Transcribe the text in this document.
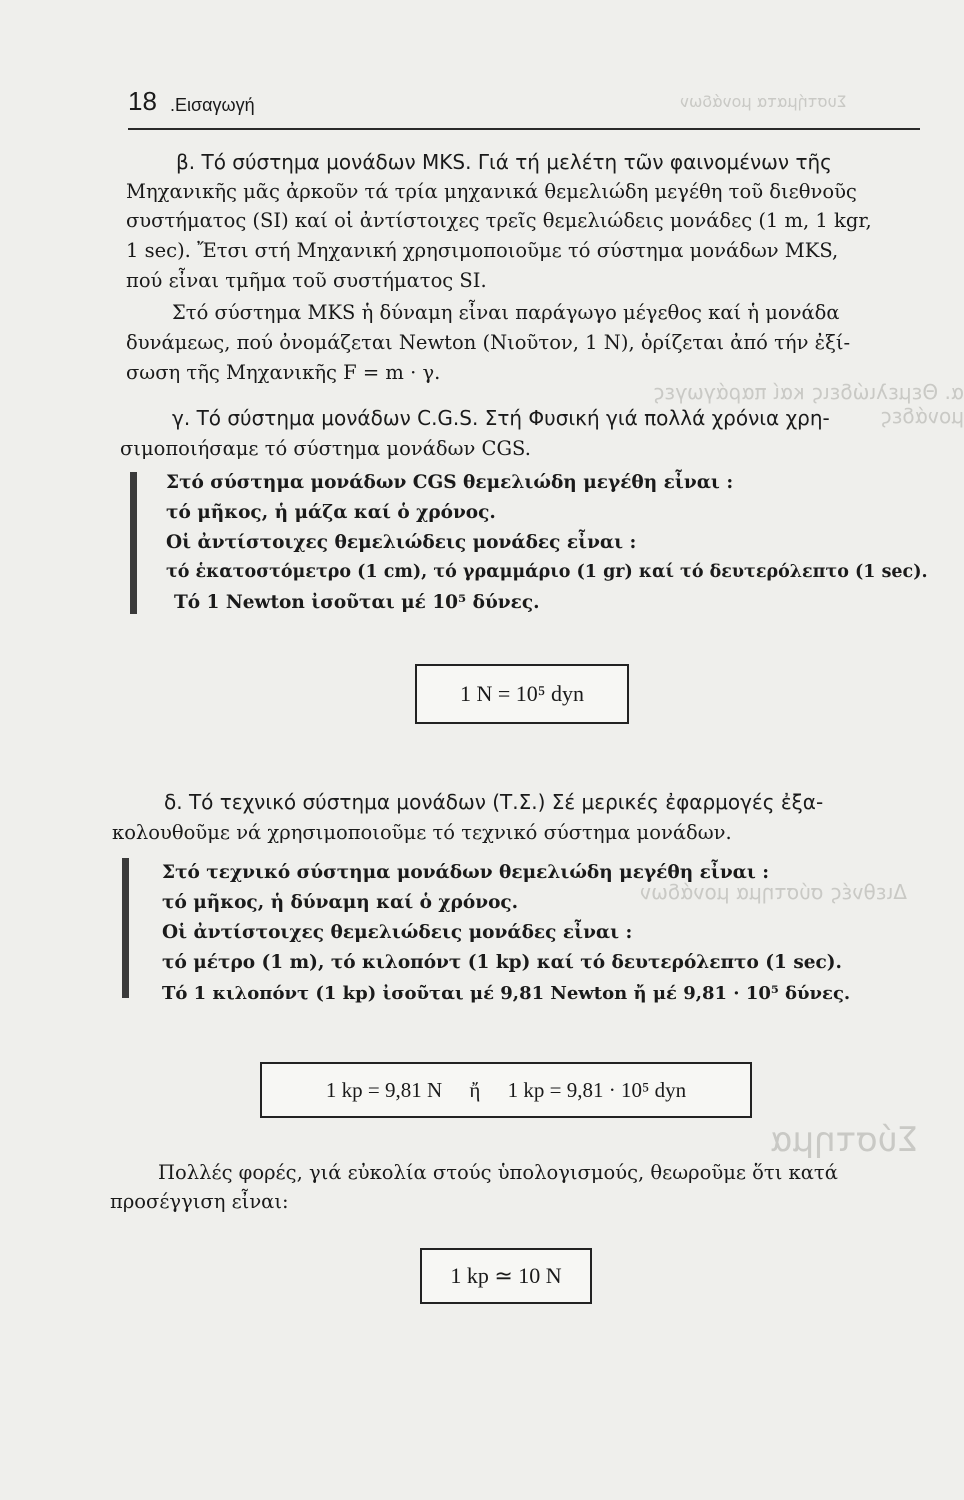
Συστήματα μονάδων
α. Θεμελιώδεις καί παράγωγες μονάδες
Διεθνές σύστημα μονάδων
Σύστημα
18 .Εισαγωγή
β. Τό σύστημα μονάδων MKS. Γιά τή μελέτη τῶν φαινομένων τῆς
Μηχανικῆς μᾶς ἀρκοῦν τά τρία μηχανικά θεμελιώδη μεγέθη τοῦ διεθνοῦς
συστήματος (SI) καί οἱ ἀντίστοιχες τρεῖς θεμελιώδεις μονάδες (1 m, 1 kgr,
1 sec). Ἔτσι στή Μηχανική χρησιμοποιοῦμε τό σύστημα μονάδων MKS,
πού εἶναι τμῆμα τοῦ συστήματος SI.
Στό σύστημα MKS ἡ δύναμη εἶναι παράγωγο μέγεθος καί ἡ μονάδα
δυνάμεως, πού ὀνομάζεται Newton (Νιοῦτον, 1 N), ὁρίζεται ἀπό τήν ἐξί-
σωση τῆς Μηχανικῆς F = m · γ.
γ. Τό σύστημα μονάδων C.G.S. Στή Φυσική γιά πολλά χρόνια χρη-
σιμοποιήσαμε τό σύστημα μονάδων CGS.
Στό σύστημα μονάδων CGS θεμελιώδη μεγέθη εἶναι :
τό μῆκος, ἡ μάζα καί ὁ χρόνος.
Οἱ ἀντίστοιχες θεμελιώδεις μονάδες εἶναι :
τό ἑκατοστόμετρο (1 cm), τό γραμμάριο (1 gr) καί τό δευτερόλεπτο (1 sec).
Τό 1 Newton ἰσοῦται μέ 10⁵ δύνες.
1 N = 10⁵ dyn
δ. Τό τεχνικό σύστημα μονάδων (Τ.Σ.) Σέ μερικές ἐφαρμογές ἐξα-
κολουθοῦμε νά χρησιμοποιοῦμε τό τεχνικό σύστημα μονάδων.
Στό τεχνικό σύστημα μονάδων θεμελιώδη μεγέθη εἶναι :
τό μῆκος, ἡ δύναμη καί ὁ χρόνος.
Οἱ ἀντίστοιχες θεμελιώδεις μονάδες εἶναι :
τό μέτρο (1 m), τό κιλοπόντ (1 kp) καί τό δευτερόλεπτο (1 sec).
Τό 1 κιλοπόντ (1 kp) ἰσοῦται μέ 9,81 Newton ἤ μέ 9,81 · 10⁵ δύνες.
1 kp = 9,81 N ἤ 1 kp = 9,81 · 10⁵ dyn
Πολλές φορές, γιά εὐκολία στούς ὑπολογισμούς, θεωροῦμε ὅτι κατά
προσέγγιση εἶναι:
1 kp ≃ 10 N
